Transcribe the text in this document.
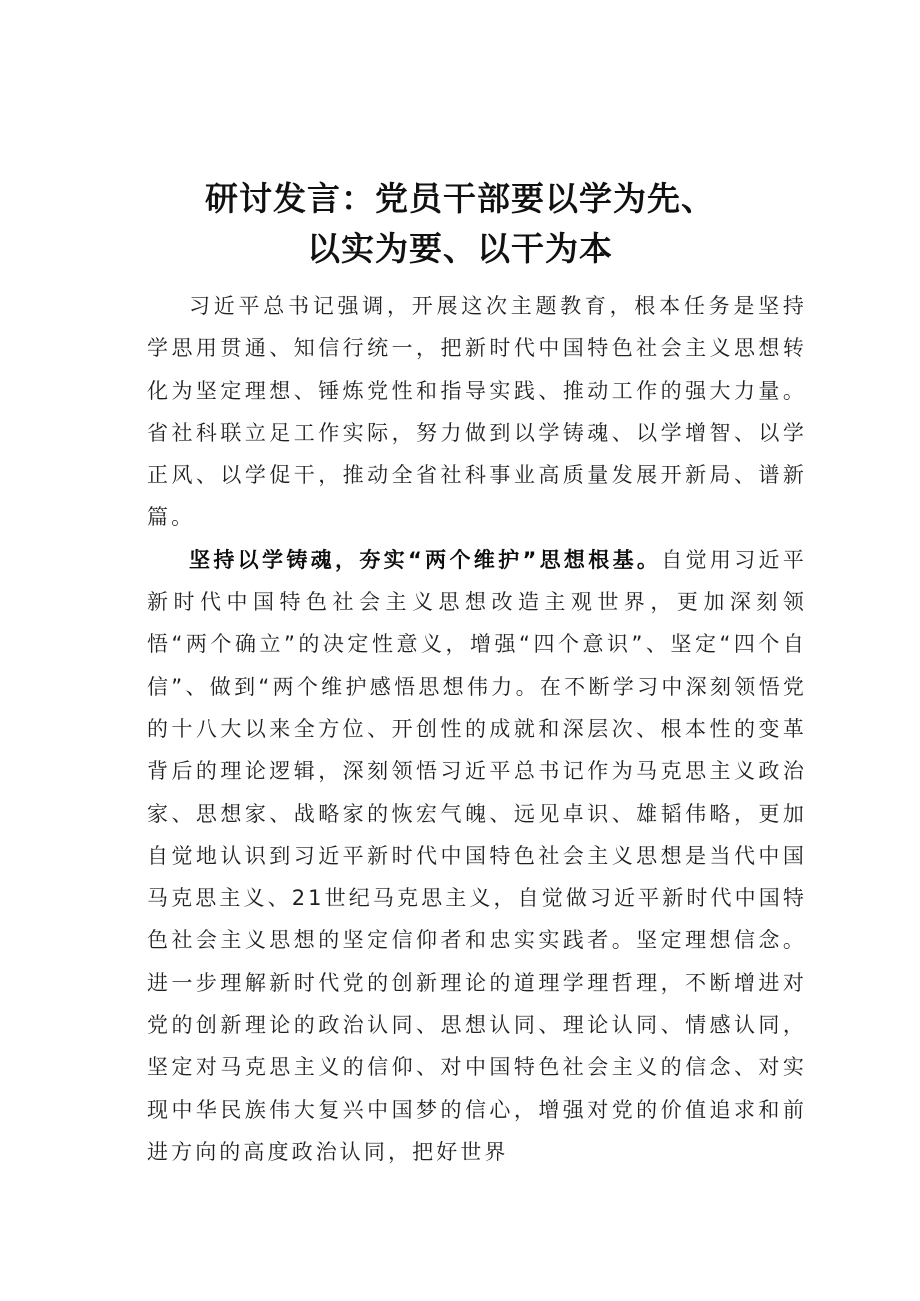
研讨发言：党员干部要以学为先、
以实为要、以干为本

习近平总书记强调，开展这次主题教育，根本任务是坚持学思用贯通、知信行统一，把新时代中国特色社会主义思想转化为坚定理想、锤炼党性和指导实践、推动工作的强大力量。省社科联立足工作实际，努力做到以学铸魂、以学增智、以学正风、以学促干，推动全省社科事业高质量发展开新局、谱新篇。

坚持以学铸魂，夯实“两个维护”思想根基。自觉用习近平新时代中国特色社会主义思想改造主观世界，更加深刻领悟“两个确立”的决定性意义，增强“四个意识”、坚定“四个自信”、做到“两个维护感悟思想伟力。在不断学习中深刻领悟党的十八大以来全方位、开创性的成就和深层次、根本性的变革背后的理论逻辑，深刻领悟习近平总书记作为马克思主义政治家、思想家、战略家的恢宏气魄、远见卓识、雄韬伟略，更加自觉地认识到习近平新时代中国特色社会主义思想是当代中国马克思主义、21世纪马克思主义，自觉做习近平新时代中国特色社会主义思想的坚定信仰者和忠实实践者。坚定理想信念。进一步理解新时代党的创新理论的道理学理哲理，不断增进对党的创新理论的政治认同、思想认同、理论认同、情感认同，坚定对马克思主义的信仰、对中国特色社会主义的信念、对实现中华民族伟大复兴中国梦的信心，增强对党的价值追求和前进方向的高度政治认同，把好世界
